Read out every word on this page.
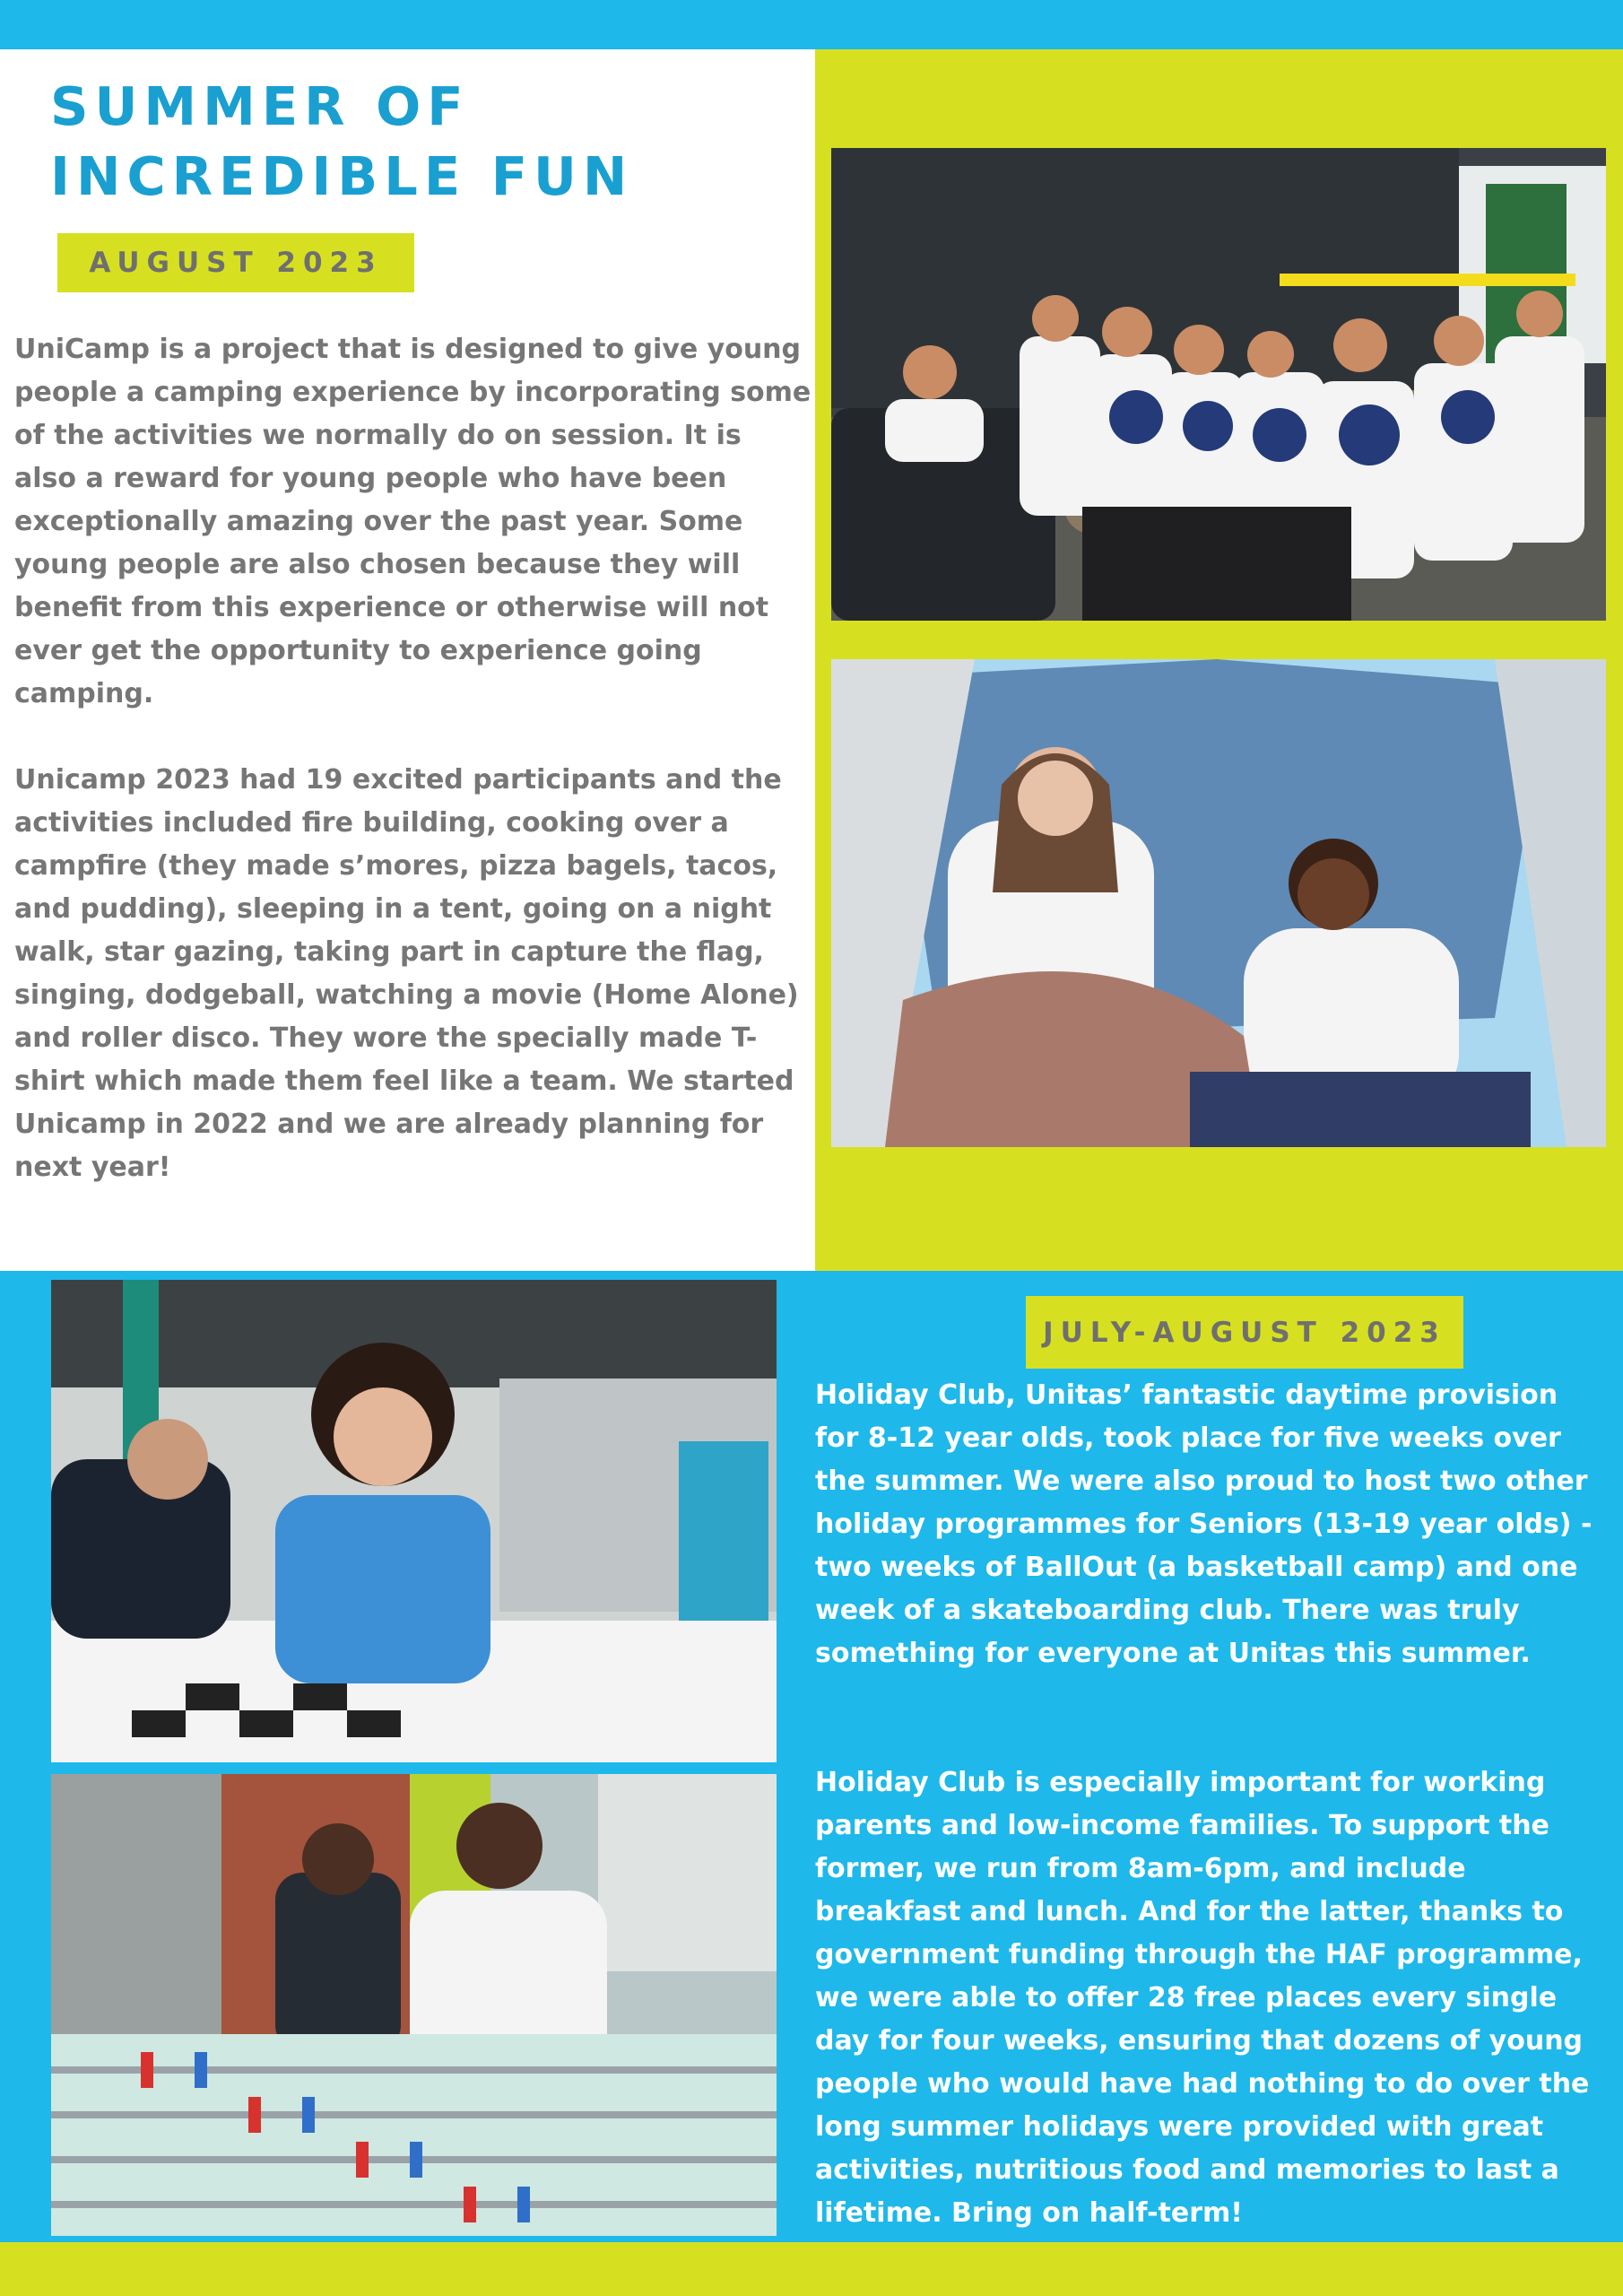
SUMMER OF INCREDIBLE FUN
AUGUST 2023

UniCamp is a project that is designed to give young people a camping experience by incorporating some of the activities we normally do on session. It is also a reward for young people who have been exceptionally amazing over the past year. Some young people are also chosen because they will benefit from this experience or otherwise will not ever get the opportunity to experience going camping.

Unicamp 2023 had 19 excited participants and the activities included fire building, cooking over a campfire (they made s’mores, pizza bagels, tacos, and pudding), sleeping in a tent, going on a night walk, star gazing, taking part in capture the flag, singing, dodgeball, watching a movie (Home Alone) and roller disco. They wore the specially made T-shirt which made them feel like a team. We started Unicamp in 2022 and we are already planning for next year!

JULY-AUGUST 2023

Holiday Club, Unitas’ fantastic daytime provision for 8-12 year olds, took place for five weeks over the summer. We were also proud to host two other holiday programmes for Seniors (13-19 year olds) - two weeks of BallOut (a basketball camp) and one week of a skateboarding club. There was truly something for everyone at Unitas this summer.

Holiday Club is especially important for working parents and low-income families. To support the former, we run from 8am-6pm, and include breakfast and lunch. And for the latter, thanks to government funding through the HAF programme, we were able to offer 28 free places every single day for four weeks, ensuring that dozens of young people who would have had nothing to do over the long summer holidays were provided with great activities, nutritious food and memories to last a lifetime. Bring on half-term!
